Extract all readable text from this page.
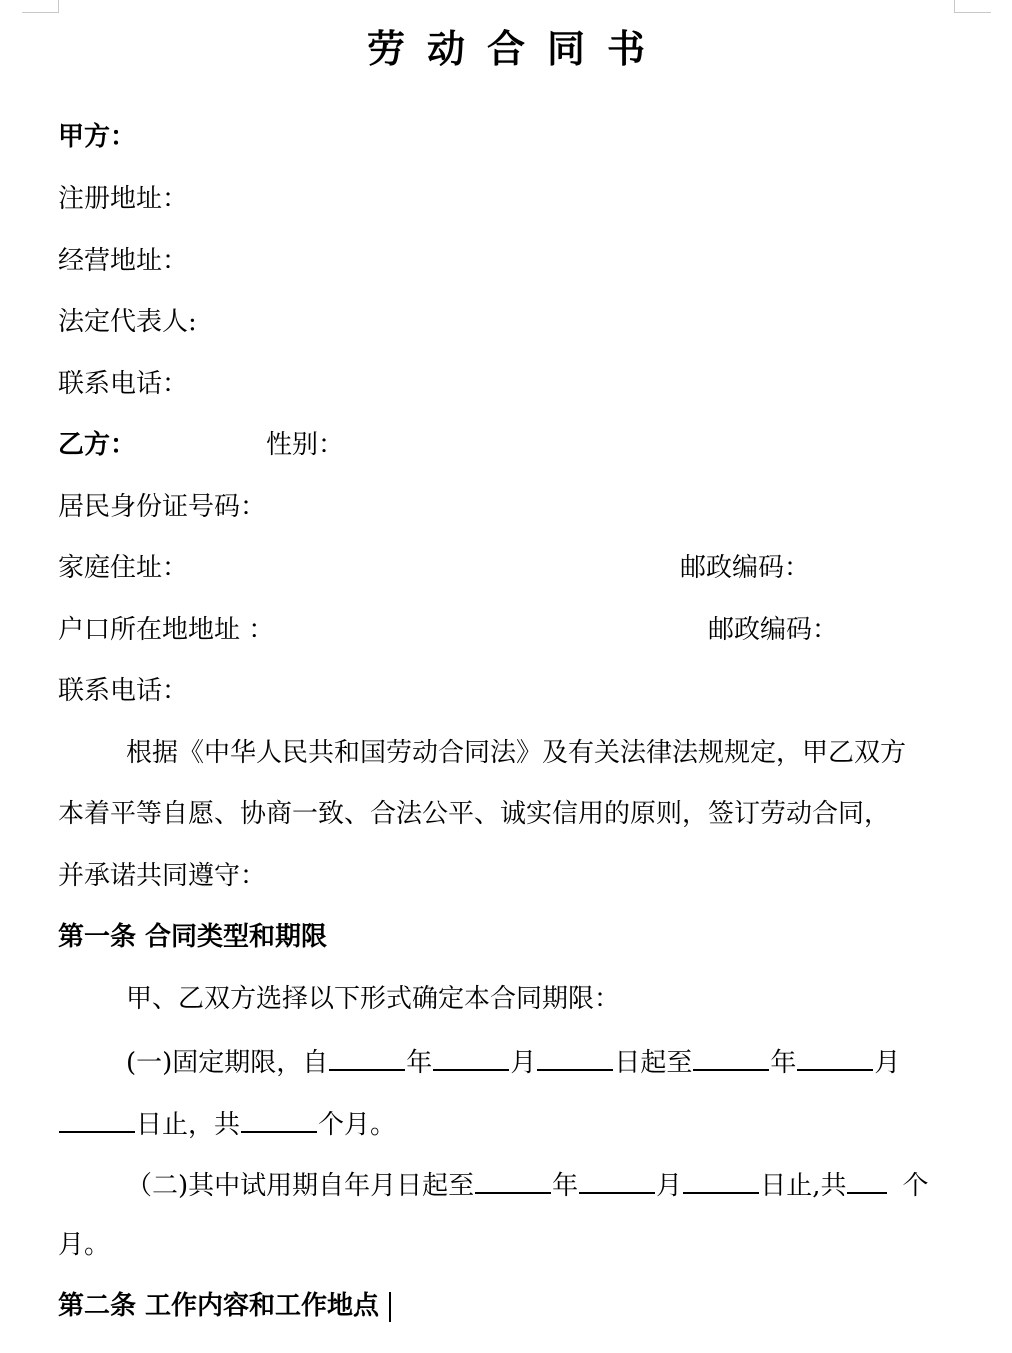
劳动合同书
甲方：
注册地址：
经营地址：
法定代表人:
联系电话：
乙方：	性别：
居民身份证号码：
家庭住址：	邮政编码：
户口所在地地址 ：	邮政编码：
联系电话：
根据《中华人民共和国劳动合同法》及有关法律法规规定，甲乙双方
本着平等自愿、协商一致、合法公平、诚实信用的原则，签订劳动合同，
并承诺共同遵守：
第一条 合同类型和期限
甲、乙双方选择以下形式确定本合同期限：
(一)固定期限，自	年	月	日起至	年	月
日止，共	个月。
（二)其中试用期自年月日起至	年	月	日止,共 个
月。
第二条 工作内容和工作地点
